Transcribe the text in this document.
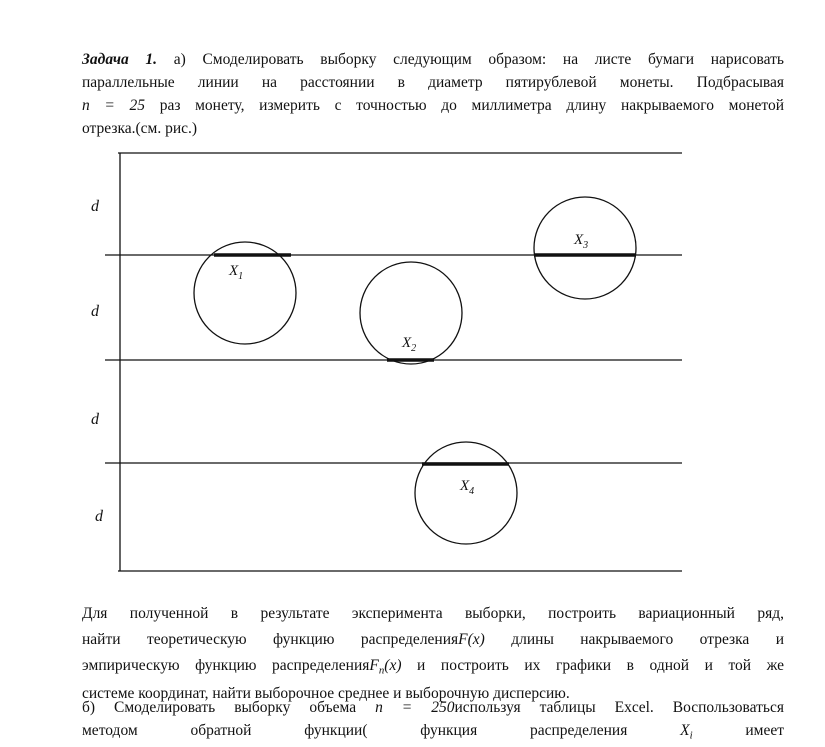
Задача 1. а) Смоделировать выборку следующим образом: на листе бумаги нарисовать
параллельные линии на расстоянии в диаметр пятирублевой монеты. Подбрасывая
n = 25 раз монету, измерить с точностью до миллиметра длину накрываемого монетой
отрезка.(см. рис.)
d
d
d
d
$X_1$
$X_2$
$X_3$
$X_4$
Для полученной в результате эксперимента выборки, построить вариационный ряд,
найти теоретическую функцию распределенияF(x) длины накрываемого отрезка и
эмпирическую функцию распределенияF$_n$(x) и построить их графики в одной и той же
системе координат, найти выборочное среднее и выборочную дисперсию.
б) Смоделировать выборку объема n = 250используя таблицы Excel. Воспользоваться
методом	обратной	функции(	функция	распределения	$X_i$	имеет
